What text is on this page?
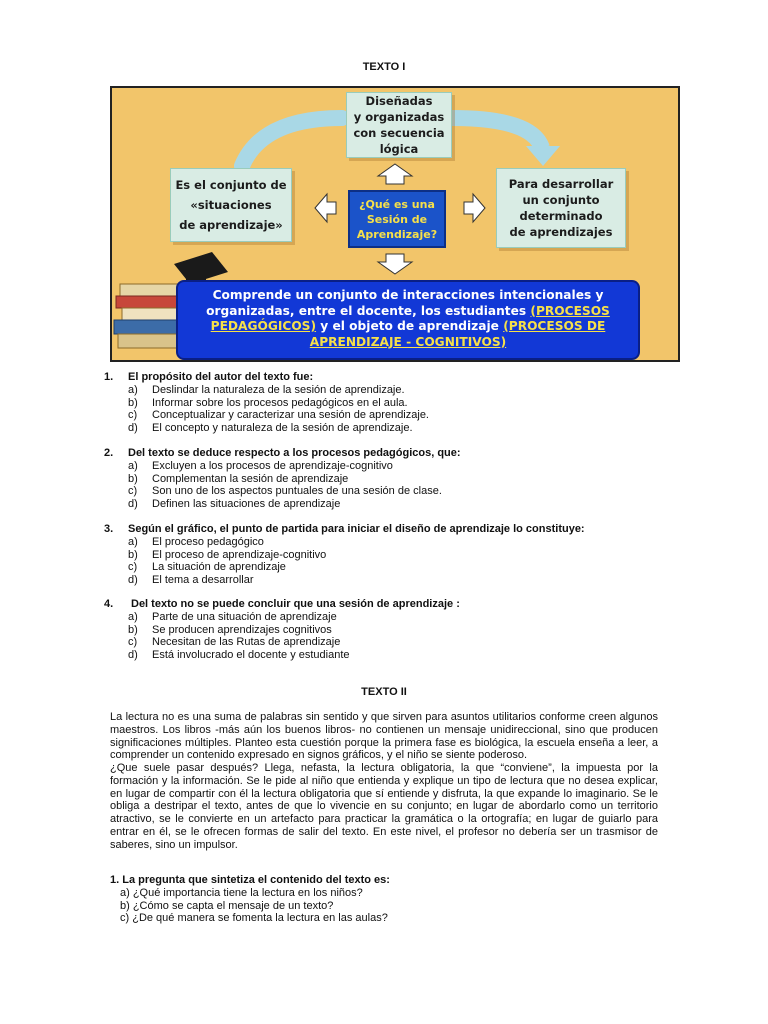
TEXTO I
Diseñadas
y organizadas
con secuencia
lógica
Es el conjunto de
«situaciones
de aprendizaje»
Para desarrollar
un conjunto
determinado
de aprendizajes
¿Qué es una
Sesión de
Aprendizaje?
Comprende un conjunto de interacciones intencionales y organizadas, entre el docente, los estudiantes (PROCESOS PEDAGÓGICOS) y el objeto de aprendizaje (PROCESOS DE APRENDIZAJE - COGNITIVOS)
1. El propósito del autor del texto fue:
a) Deslindar la naturaleza de la sesión de aprendizaje.
b) Informar sobre los procesos pedagógicos en el aula.
c) Conceptualizar y caracterizar una sesión de aprendizaje.
d) El concepto y naturaleza de la sesión de aprendizaje.
2. Del texto se deduce respecto a los procesos pedagógicos, que:
a) Excluyen a los procesos de aprendizaje-cognitivo
b) Complementan la sesión de aprendizaje
c) Son uno de los aspectos puntuales de una sesión de clase.
d) Definen las situaciones de aprendizaje
3. Según el gráfico, el punto de partida para iniciar el diseño de aprendizaje lo constituye:
a) El proceso pedagógico
b) El proceso de aprendizaje-cognitivo
c) La situación de aprendizaje
d) El tema a desarrollar
4. Del texto no se puede concluir que una sesión de aprendizaje :
a) Parte de una situación de aprendizaje
b) Se producen aprendizajes cognitivos
c) Necesitan de las Rutas de aprendizaje
d) Está involucrado el docente y estudiante
TEXTO II

La lectura no es una suma de palabras sin sentido y que sirven para asuntos utilitarios conforme creen algunos maestros. Los libros -más aún los buenos libros- no contienen un mensaje unidireccional, sino que producen significaciones múltiples. Planteo esta cuestión porque la primera fase es biológica, la escuela enseña a leer, a comprender un contenido expresado en signos gráficos, y el niño se siente poderoso.

¿Que suele pasar después? Llega, nefasta, la lectura obligatoria, la que “conviene”, la impuesta por la formación y la información. Se le pide al niño que entienda y explique un tipo de lectura que no desea explicar, en lugar de compartir con él la lectura obligatoria que sí entiende y disfruta, la que expande lo imaginario. Se le obliga a destripar el texto, antes de que lo vivencie en su conjunto; en lugar de abordarlo como un territorio atractivo, se le convierte en un artefacto para practicar la gramática o la ortografía; en lugar de guiarlo para entrar en él, se le ofrecen formas de salir del texto. En este nivel, el profesor no debería ser un trasmisor de saberes, sino un impulsor.

1. La pregunta que sintetiza el contenido del texto es:
a) ¿Qué importancia tiene la lectura en los niños?
b) ¿Cómo se capta el mensaje de un texto?
c) ¿De qué manera se fomenta la lectura en las aulas?
